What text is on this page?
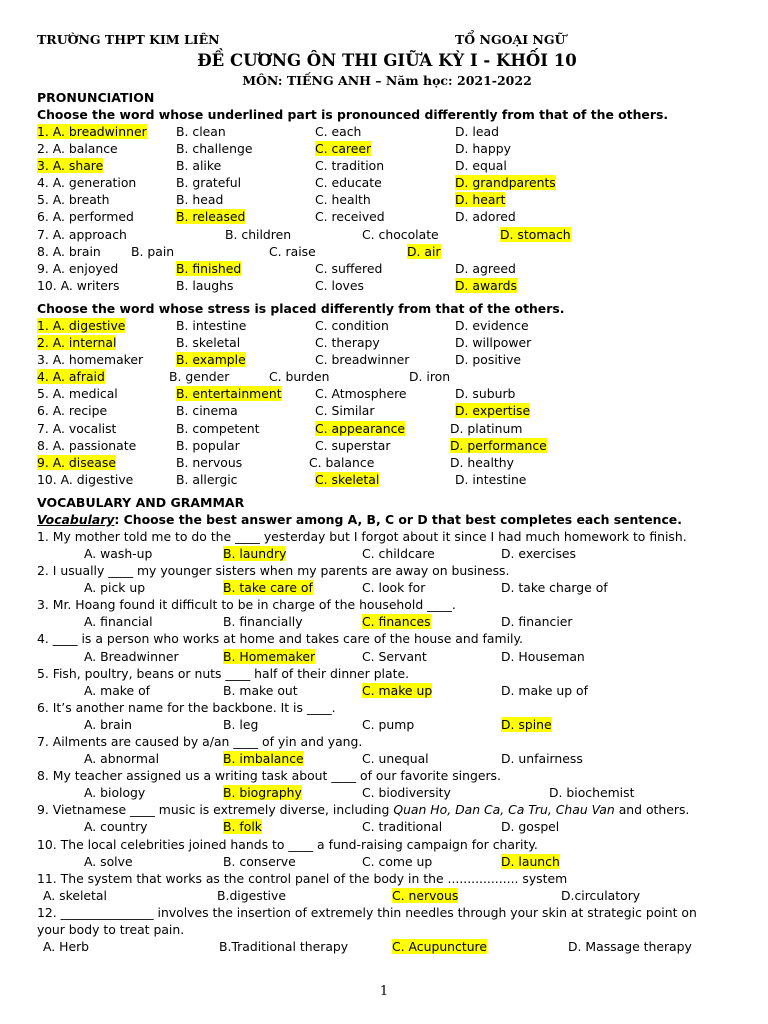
TRƯỜNG THPT KIM LIÊN	TỔ NGOẠI NGỮ
ĐỀ CƯƠNG ÔN THI GIỮA KỲ I - KHỐI 10
MÔN: TIẾNG ANH – Năm học: 2021-2022
PRONUNCIATION
Choose the word whose underlined part is pronounced differently from that of the others.
1. A. breadwinner B. clean	C. each	D. lead
2. A. balance	B. challenge	C. career	D. happy
3. A. share	B. alike	C. tradition	D. equal
4. A. generation	B. grateful	C. educate	D. grandparents
5. A. breath	B. head	C. health	D. heart
6. A. performed	B. released	C. received	D. adored
7. A. approach	B. children	C. chocolate	D. stomach
8. A. brain B. pain	C. raise	D. air
9. A. enjoyed	B. finished	C. suffered	D. agreed
10. A. writers	B. laughs	C. loves	D. awards
Choose the word whose stress is placed differently from that of the others.
1. A. digestive	B. intestine	C. condition	D. evidence
2. A. internal	B. skeletal	C. therapy	D. willpower
3. A. homemaker	B. example	C. breadwinner	D. positive
4. A. afraid	B. gender	C. burden	D. iron
5. A. medical	B. entertainment	C. Atmosphere	D. suburb
6. A. recipe	B. cinema	C. Similar	D. expertise
7. A. vocalist	B. competent	C. appearance	D. platinum
8. A. passionate	B. popular	C. superstar	D. performance
9. A. disease	B. nervous	C. balance	D. healthy
10. A. digestive	B. allergic	C. skeletal	D. intestine
VOCABULARY AND GRAMMAR
Vocabulary: Choose the best answer among A, B, C or D that best completes each sentence.
1. My mother told me to do the ____ yesterday but I forgot about it since I had much homework to finish.
A. wash-up	B. laundry	C. childcare	D. exercises
2. I usually ____ my younger sisters when my parents are away on business.
A. pick up	B. take care of	C. look for	D. take charge of
3. Mr. Hoang found it difficult to be in charge of the household ____.
A. financial	B. financially	C. finances	D. financier
4. ____ is a person who works at home and takes care of the house and family.
A. Breadwinner	B. Homemaker	C. Servant	D. Houseman
5. Fish, poultry, beans or nuts ____ half of their dinner plate.
A. make of	B. make out	C. make up	D. make up of
6. It’s another name for the backbone. It is ____.
A. brain	B. leg	C. pump	D. spine
7. Ailments are caused by a/an ____ of yin and yang.
A. abnormal	B. imbalance	C. unequal	D. unfairness
8. My teacher assigned us a writing task about ____ of our favorite singers.
A. biology	B. biography	C. biodiversity	D. biochemist
9. Vietnamese ____ music is extremely diverse, including Quan Ho, Dan Ca, Ca Tru, Chau Van and others.
A. country	B. folk	C. traditional	D. gospel
10. The local celebrities joined hands to ____ a fund-raising campaign for charity.
A. solve	B. conserve	C. come up	D. launch
11. The system that works as the control panel of the body in the .................. system
A. skeletal	B.digestive	C. nervous	D.circulatory
12. _______________ involves the insertion of extremely thin needles through your skin at strategic point on your body to treat pain.
A. Herb	B.Traditional therapy	C. Acupuncture	D. Massage therapy
1
